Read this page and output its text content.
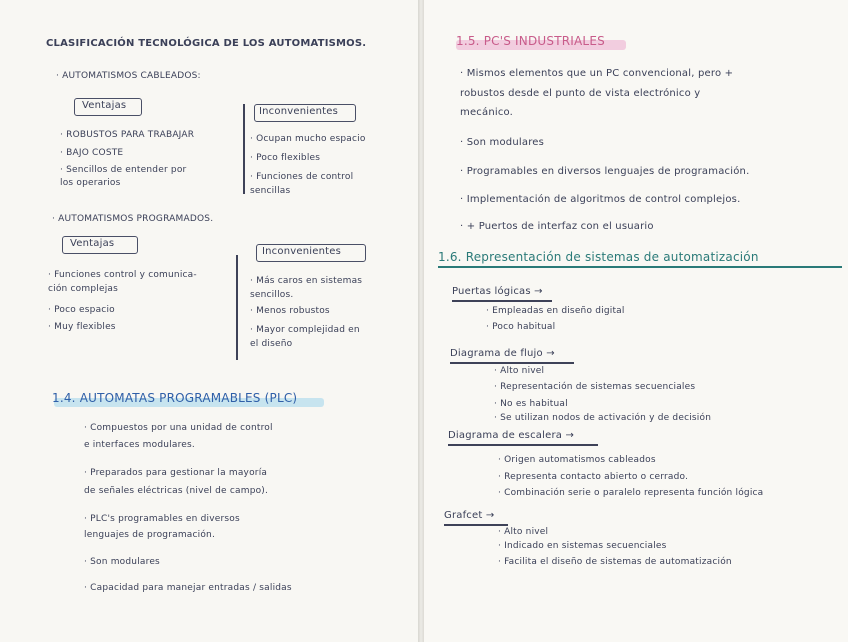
CLASIFICACIÓN TECNOLÓGICA DE LOS AUTOMATISMOS.
· AUTOMATISMOS CABLEADOS:
Ventajas
· ROBUSTOS PARA TRABAJAR
· BAJO COSTE
· Sencillos de entender por
los operarios
Inconvenientes
· Ocupan mucho espacio
· Poco flexibles
· Funciones de control
sencillas
· AUTOMATISMOS PROGRAMADOS.
Ventajas
· Funciones control y comunica-
ción complejas
· Poco espacio
· Muy flexibles
Inconvenientes
· Más caros en sistemas
sencillos.
· Menos robustos
· Mayor complejidad en
el diseño
1.4. AUTOMATAS PROGRAMABLES (PLC)
· Compuestos por una unidad de control
e interfaces modulares.
· Preparados para gestionar la mayoría
de señales eléctricas (nivel de campo).
· PLC's programables en diversos
lenguajes de programación.
· Son modulares
· Capacidad para manejar entradas / salidas
1.5. PC'S INDUSTRIALES
· Mismos elementos que un PC convencional, pero +
robustos desde el punto de vista electrónico y
mecánico.
· Son modulares
· Programables en diversos lenguajes de programación.
· Implementación de algoritmos de control complejos.
· + Puertos de interfaz con el usuario
1.6. Representación de sistemas de automatización
Puertas lógicas →
· Empleadas en diseño digital
· Poco habitual
Diagrama de flujo →
· Alto nivel
· Representación de sistemas secuenciales
· No es habitual
· Se utilizan nodos de activación y de decisión
Diagrama de escalera →
· Origen automatismos cableados
· Representa contacto abierto o cerrado.
· Combinación serie o paralelo representa función lógica
Grafcet →
· Alto nivel
· Indicado en sistemas secuenciales
· Facilita el diseño de sistemas de automatización
